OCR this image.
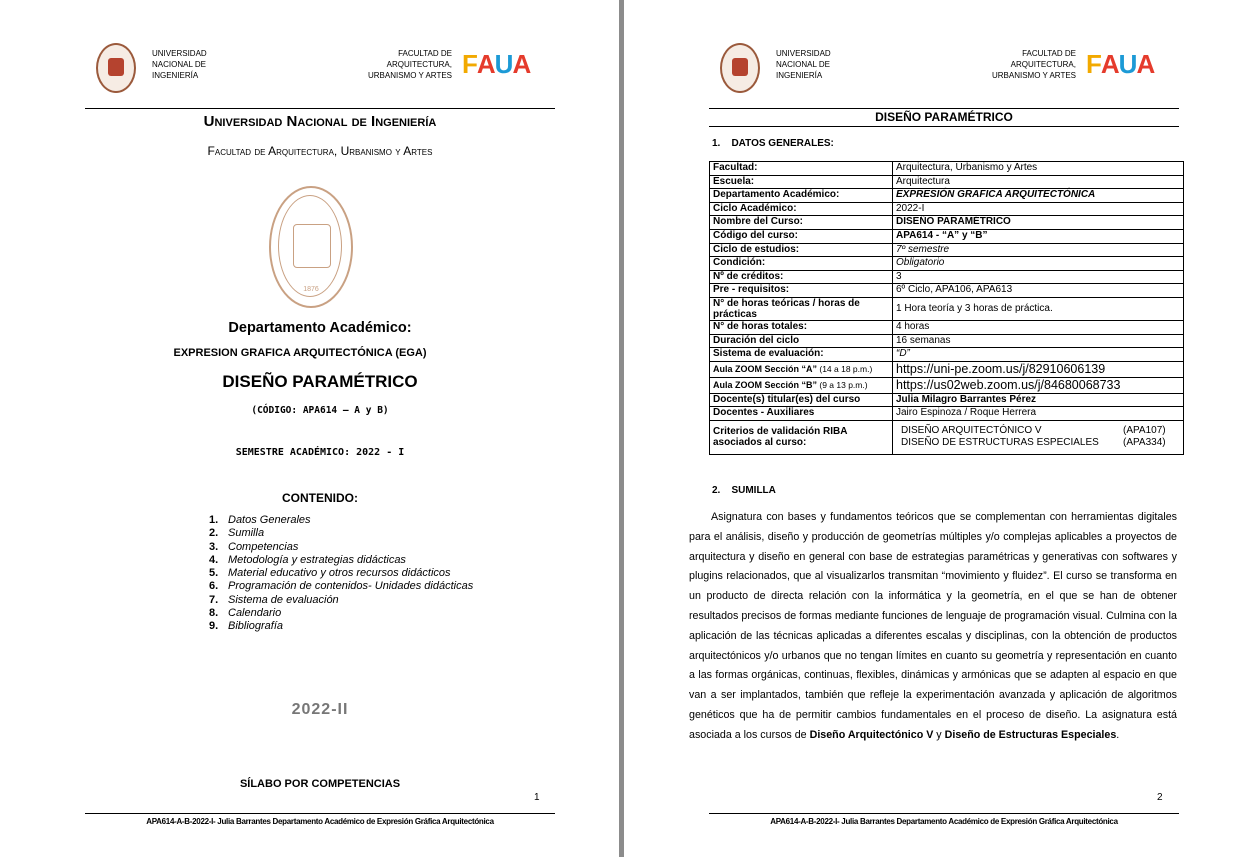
UNIVERSIDAD
NACIONAL DE
INGENIERÍA
FACULTAD DE
ARQUITECTURA,
URBANISMO Y ARTES FAUA
Universidad Nacional de Ingeniería
Facultad de Arquitectura, Urbanismo y Artes
1876
Departamento Académico:
EXPRESION GRAFICA ARQUITECTÓNICA (EGA)
DISEÑO PARAMÉTRICO
(CÓDIGO: APA614 – A y B)
SEMESTRE ACADÉMICO: 2022 - I
CONTENIDO:
1. Datos Generales
2. Sumilla
3. Competencias
4. Metodología y estrategias didácticas
5. Material educativo y otros recursos didácticos
6. Programación de contenidos- Unidades didácticas
7. Sistema de evaluación
8. Calendario
9. Bibliografía
2022-II
SÍLABO POR COMPETENCIAS
1
APA614-A-B-2022-I- Julia Barrantes Departamento Académico de Expresión Gráfica Arquitectónica
UNIVERSIDAD
NACIONAL DE
INGENIERÍA
FACULTAD DE
ARQUITECTURA,
URBANISMO Y ARTES FAUA
DISEÑO PARAMÉTRICO
1.    DATOS GENERALES:
Facultad:	Arquitectura, Urbanismo y Artes
Escuela:	Arquitectura
Departamento Académico:	EXPRESIÓN GRAFICA ARQUITECTÓNICA
Ciclo Académico:	2022-I
Nombre del Curso:	DISEÑO PARAMÉTRICO
Código del curso:	APA614 - “A” y “B”
Ciclo de estudios:	7º semestre
Condición:	Obligatorio
Nº de créditos:	3
Pre - requisitos:	6º Ciclo, APA106, APA613
N° de horas teóricas / horas de prácticas	1 Hora teoría y 3 horas de práctica.
N° de horas totales:	4 horas
Duración del ciclo	16 semanas
Sistema de evaluación:	“D”
Aula ZOOM Sección “A” (14 a 18 p.m.)	https://uni-pe.zoom.us/j/82910606139
Aula ZOOM Sección “B” (9 a 13 p.m.)	https://us02web.zoom.us/j/84680068733
Docente(s) titular(es) del curso	Julia Milagro Barrantes Pérez
Docentes - Auxiliares	Jairo Espinoza / Roque Herrera
Criterios de validación RIBA asociados al curso:	DISEÑO ARQUITECTÓNICO V (APA107)
DISEÑO DE ESTRUCTURAS ESPECIALES (APA334)
2.    SUMILLA
Asignatura con bases y fundamentos teóricos que se complementan con herramientas digitales para el análisis, diseño y producción de geometrías múltiples y/o complejas aplicables a proyectos de arquitectura y diseño en general con base de estrategias paramétricas y generativas con softwares y plugins relacionados, que al visualizarlos transmitan “movimiento y fluidez”. El curso se transforma en un producto de directa relación con la informática y la geometría, en el que se han de obtener resultados precisos de formas mediante funciones de lenguaje de programación visual. Culmina con la aplicación de las técnicas aplicadas a diferentes escalas y disciplinas, con la obtención de productos arquitectónicos y/o urbanos que no tengan límites en cuanto su geometría y representación en cuanto a las formas orgánicas, continuas, flexibles, dinámicas y armónicas que se adapten al espacio en que van a ser implantados, también que refleje la experimentación avanzada y aplicación de algoritmos genéticos que ha de permitir cambios fundamentales en el proceso de diseño. La asignatura está asociada a los cursos de Diseño Arquitectónico V y Diseño de Estructuras Especiales.
2
APA614-A-B-2022-I- Julia Barrantes Departamento Académico de Expresión Gráfica Arquitectónica
